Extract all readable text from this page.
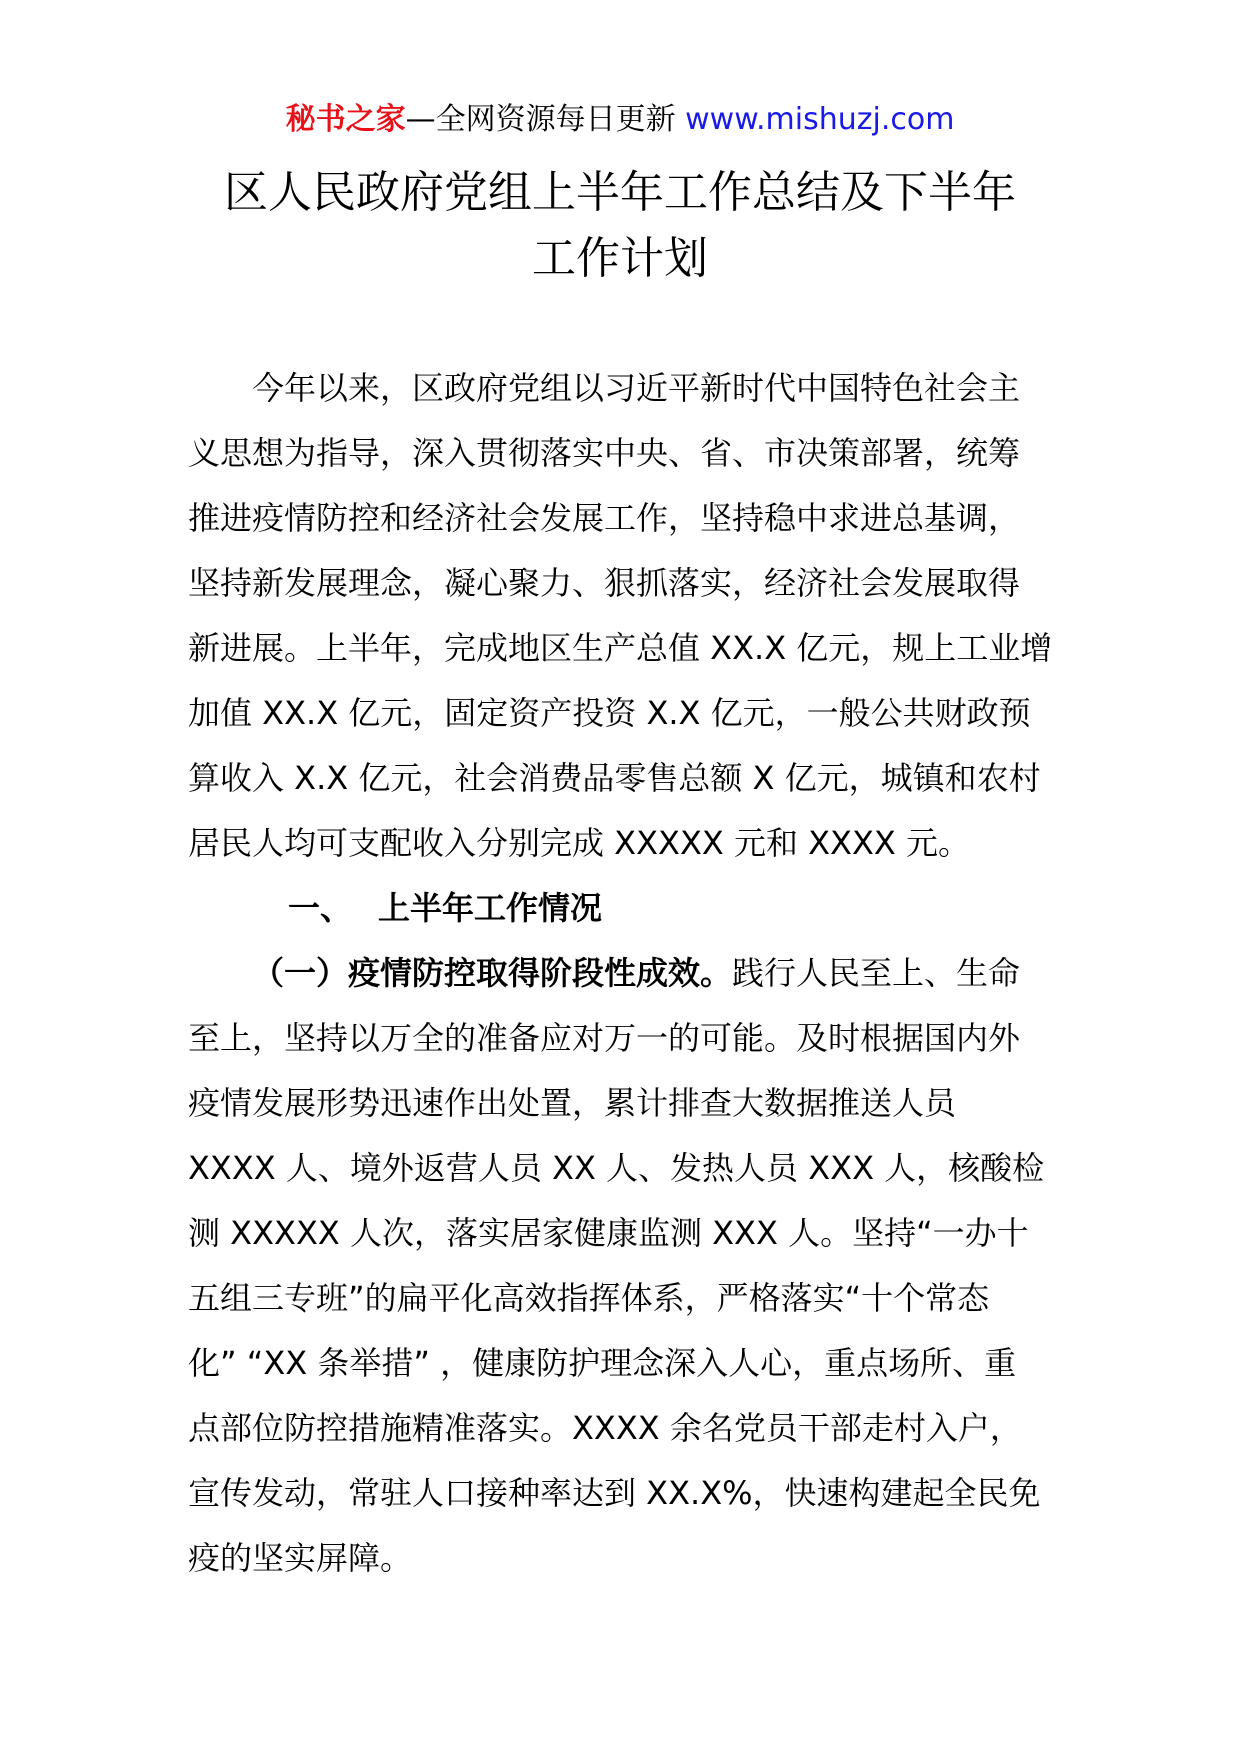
秘书之家—全网资源每日更新 www.mishuzj.com
区人民政府党组上半年工作总结及下半年
工作计划
今年以来，区政府党组以习近平新时代中国特色社会主
义思想为指导，深入贯彻落实中央、省、市决策部署，统筹
推进疫情防控和经济社会发展工作，坚持稳中求进总基调，
坚持新发展理念，凝心聚力、狠抓落实，经济社会发展取得
新进展。上半年，完成地区生产总值 XX.X 亿元，规上工业增
加值 XX.X 亿元，固定资产投资 X.X 亿元，一般公共财政预
算收入 X.X 亿元，社会消费品零售总额 X 亿元，城镇和农村
居民人均可支配收入分别完成 XXXXX 元和 XXXX 元。
一、 上半年工作情况
（一）疫情防控取得阶段性成效。践行人民至上、生命
至上，坚持以万全的准备应对万一的可能。及时根据国内外
疫情发展形势迅速作出处置，累计排查大数据推送人员
XXXX 人、境外返营人员 XX 人、发热人员 XXX 人，核酸检
测 XXXXX 人次，落实居家健康监测 XXX 人。坚持“一办十
五组三专班”的扁平化高效指挥体系，严格落实“十个常态
化” “XX 条举措” ，健康防护理念深入人心，重点场所、重
点部位防控措施精准落实。XXXX 余名党员干部走村入户，
宣传发动，常驻人口接种率达到 XX.X%，快速构建起全民免
疫的坚实屏障。
